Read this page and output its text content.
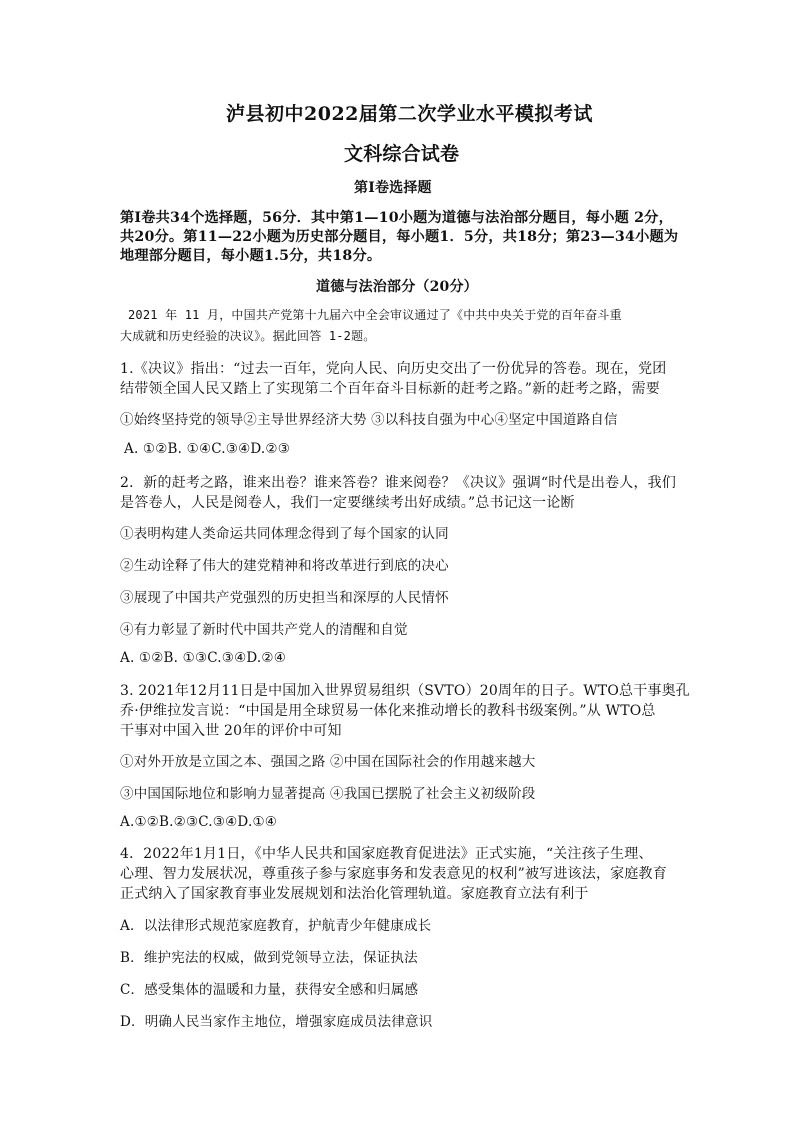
泸县初中2022届第二次学业水平模拟考试
文科综合试卷
第I卷选择题
第I卷共34个选择题，56分．其中第1—10小题为道德与法治部分题目，每小题 2分，
共20分。第11—22小题为历史部分题目，每小题1．5分，共18分；第23—34小题为
地理部分题目，每小题1.5分，共18分。
道德与法治部分（20分）
2021 年 11 月，中国共产党第十九届六中全会审议通过了《中共中央关于党的百年奋斗重
大成就和历史经验的决议》。据此回答 1-2题。
1.《决议》指出：“过去一百年，党向人民、向历史交出了一份优异的答卷。现在，党团
结带领全国人民又踏上了实现第二个百年奋斗目标新的赶考之路。”新的赶考之路，需要
①始终坚持党的领导②主导世界经济大势 ③以科技自强为中心④坚定中国道路自信
A. ①②B. ①④C.③④D.②③
2．新的赶考之路，谁来出卷？谁来答卷？谁来阅卷？《决议》强调“时代是出卷人，我们
是答卷人，人民是阅卷人，我们一定要继续考出好成绩。”总书记这一论断
①表明构建人类命运共同体理念得到了每个国家的认同
②生动诠释了伟大的建党精神和将改革进行到底的决心
③展现了中国共产党强烈的历史担当和深厚的人民情怀
④有力彰显了新时代中国共产党人的清醒和自觉
A. ①②B. ①③C.③④D.②④
3. 2021年12月11日是中国加入世界贸易组织（SVTO）20周年的日子。WTO总干事奥孔
乔·伊维拉发言说：“中国是用全球贸易一体化来推动增长的教科书级案例。”从 WTO总
干事对中国入世 20年的评价中可知
①对外开放是立国之本、强国之路 ②中国在国际社会的作用越来越大
③中国国际地位和影响力显著提高 ④我国已摆脱了社会主义初级阶段
A.①②B.②③C.③④D.①④
4．2022年1月1日，《中华人民共和国家庭教育促进法》正式实施，“关注孩子生理、
心理、智力发展状况，尊重孩子参与家庭事务和发表意见的权利”被写进该法，家庭教育
正式纳入了国家教育事业发展规划和法治化管理轨道。家庭教育立法有利于
A．以法律形式规范家庭教育，护航青少年健康成长
B．维护宪法的权威，做到党领导立法，保证执法
C．感受集体的温暖和力量，获得安全感和归属感
D．明确人民当家作主地位，增强家庭成员法律意识
